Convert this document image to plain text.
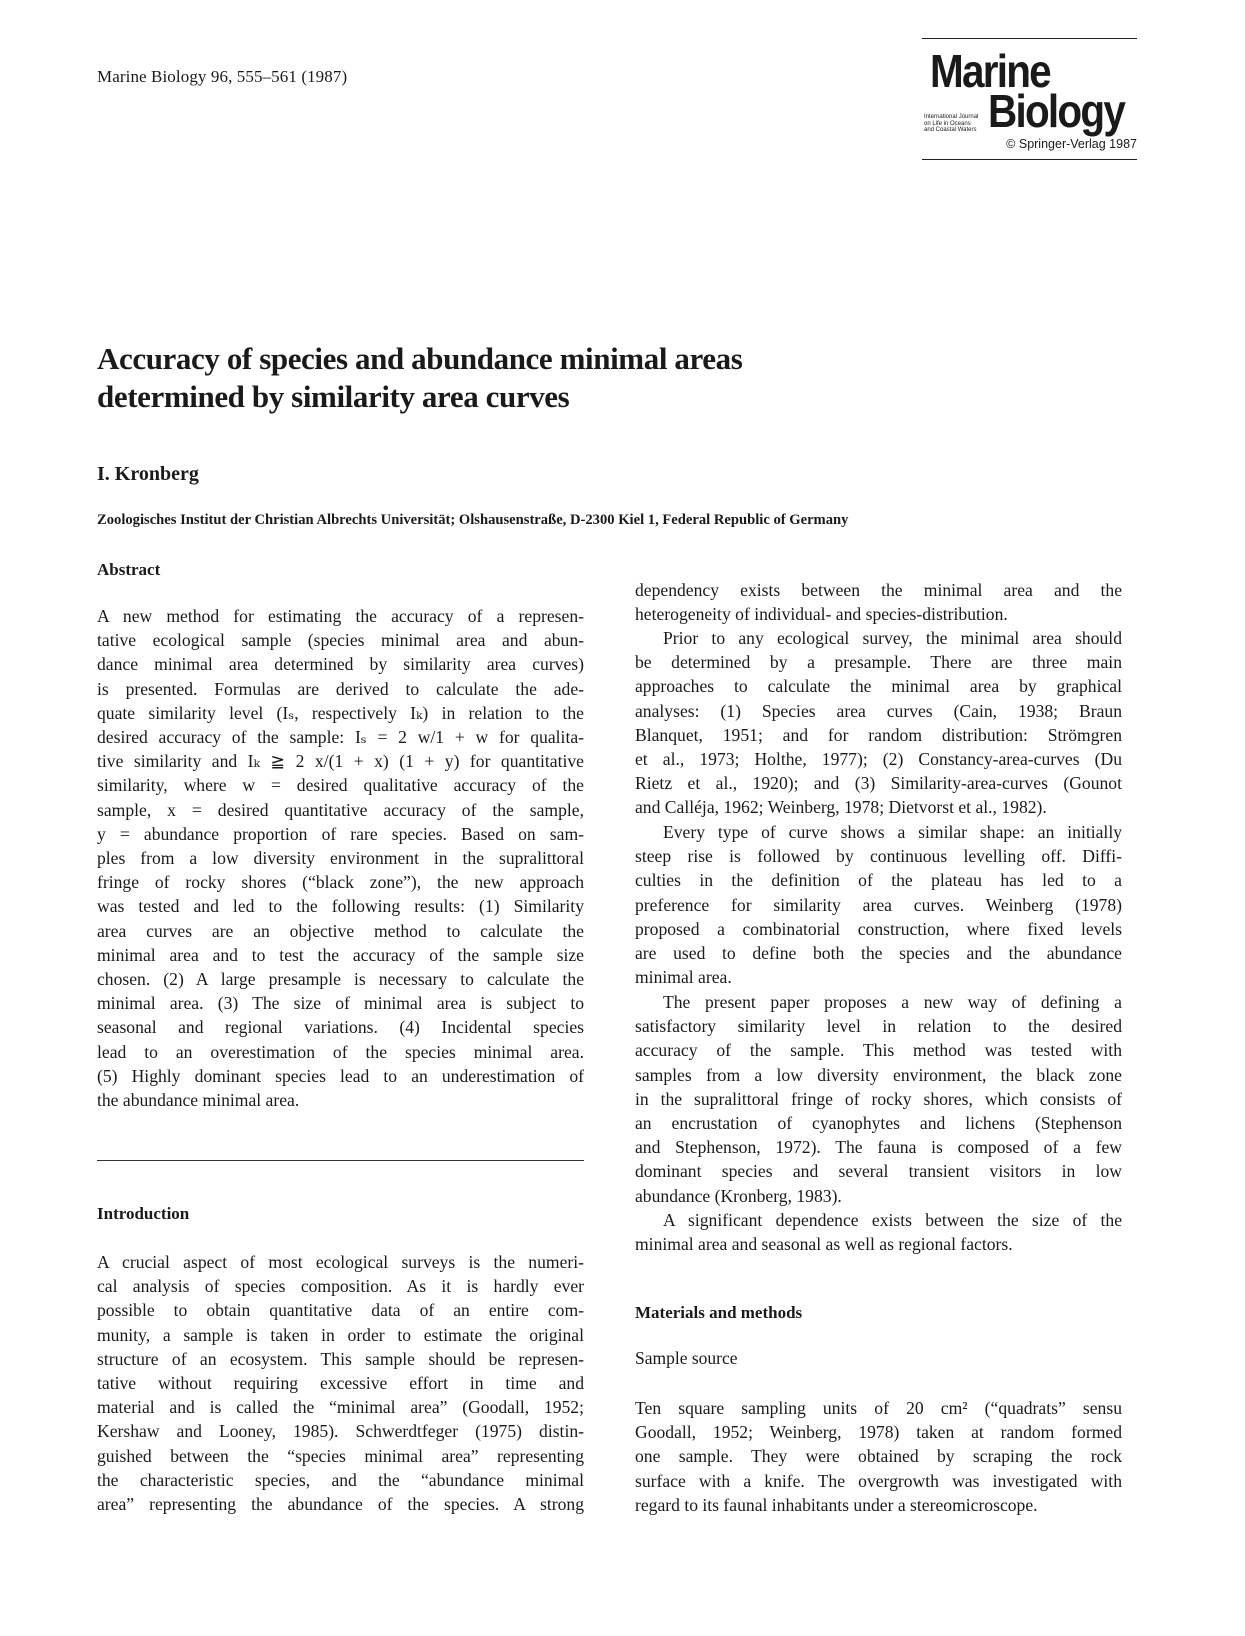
Marine Biology 96, 555–561 (1987)	Marine
International Journal
on Life in Oceans
and Coastal Waters Biology
© Springer-Verlag 1987
Accuracy of species and abundance minimal areas
determined by similarity area curves
I. Kronberg
Zoologisches Institut der Christian Albrechts Universität; Olshausenstraße, D-2300 Kiel 1, Federal Republic of Germany
Abstract
A new method for estimating the accuracy of a represen-
tative ecological sample (species minimal area and abun-
dance minimal area determined by similarity area curves)
is presented. Formulas are derived to calculate the ade-
quate similarity level (Iₛ, respectively Iₖ) in relation to the
desired accuracy of the sample: Iₛ = 2 w/1 + w for qualita-
tive similarity and Iₖ ≧ 2 x/(1 + x) (1 + y) for quantitative
similarity, where w = desired qualitative accuracy of the
sample, x = desired quantitative accuracy of the sample,
y = abundance proportion of rare species. Based on sam-
ples from a low diversity environment in the supralittoral
fringe of rocky shores (“black zone”), the new approach
was tested and led to the following results: (1) Similarity
area curves are an objective method to calculate the
minimal area and to test the accuracy of the sample size
chosen. (2) A large presample is necessary to calculate the
minimal area. (3) The size of minimal area is subject to
seasonal and regional variations. (4) Incidental species
lead to an overestimation of the species minimal area.
(5) Highly dominant species lead to an underestimation of
the abundance minimal area.
Introduction
A crucial aspect of most ecological surveys is the numeri-
cal analysis of species composition. As it is hardly ever
possible to obtain quantitative data of an entire com-
munity, a sample is taken in order to estimate the original
structure of an ecosystem. This sample should be represen-
tative without requiring excessive effort in time and
material and is called the “minimal area” (Goodall, 1952;
Kershaw and Looney, 1985). Schwerdtfeger (1975) distin-
guished between the “species minimal area” representing
the characteristic species, and the “abundance minimal
area” representing the abundance of the species. A strong
dependency exists between the minimal area and the
heterogeneity of individual- and species-distribution.
Prior to any ecological survey, the minimal area should
be determined by a presample. There are three main
approaches to calculate the minimal area by graphical
analyses: (1) Species area curves (Cain, 1938; Braun
Blanquet, 1951; and for random distribution: Strömgren
et al., 1973; Holthe, 1977); (2) Constancy-area-curves (Du
Rietz et al., 1920); and (3) Similarity-area-curves (Gounot
and Calléja, 1962; Weinberg, 1978; Dietvorst et al., 1982).
Every type of curve shows a similar shape: an initially
steep rise is followed by continuous levelling off. Diffi-
culties in the definition of the plateau has led to a
preference for similarity area curves. Weinberg (1978)
proposed a combinatorial construction, where fixed levels
are used to define both the species and the abundance
minimal area.
The present paper proposes a new way of defining a
satisfactory similarity level in relation to the desired
accuracy of the sample. This method was tested with
samples from a low diversity environment, the black zone
in the supralittoral fringe of rocky shores, which consists of
an encrustation of cyanophytes and lichens (Stephenson
and Stephenson, 1972). The fauna is composed of a few
dominant species and several transient visitors in low
abundance (Kronberg, 1983).
A significant dependence exists between the size of the
minimal area and seasonal as well as regional factors.
Materials and methods
Sample source
Ten square sampling units of 20 cm² (“quadrats” sensu
Goodall, 1952; Weinberg, 1978) taken at random formed
one sample. They were obtained by scraping the rock
surface with a knife. The overgrowth was investigated with
regard to its faunal inhabitants under a stereomicroscope.
